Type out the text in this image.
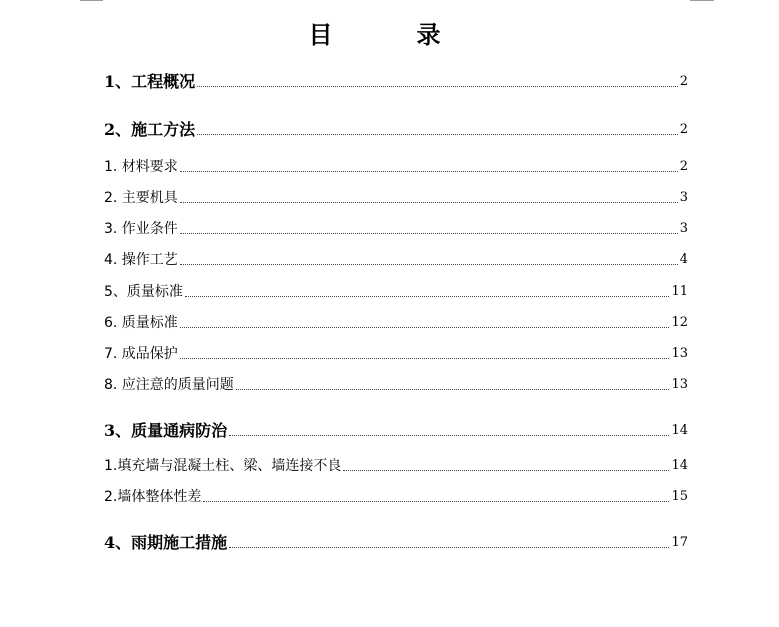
目　录
1、工程概况	2
2、施工方法	2
1. 材料要求	2
2. 主要机具	3
3. 作业条件	3
4. 操作工艺	4
5、质量标准	11
6. 质量标准	12
7. 成品保护	13
8. 应注意的质量问题	13
3、质量通病防治	14
1.填充墙与混凝土柱、梁、墙连接不良	14
2.墙体整体性差	15
4、雨期施工措施	17
